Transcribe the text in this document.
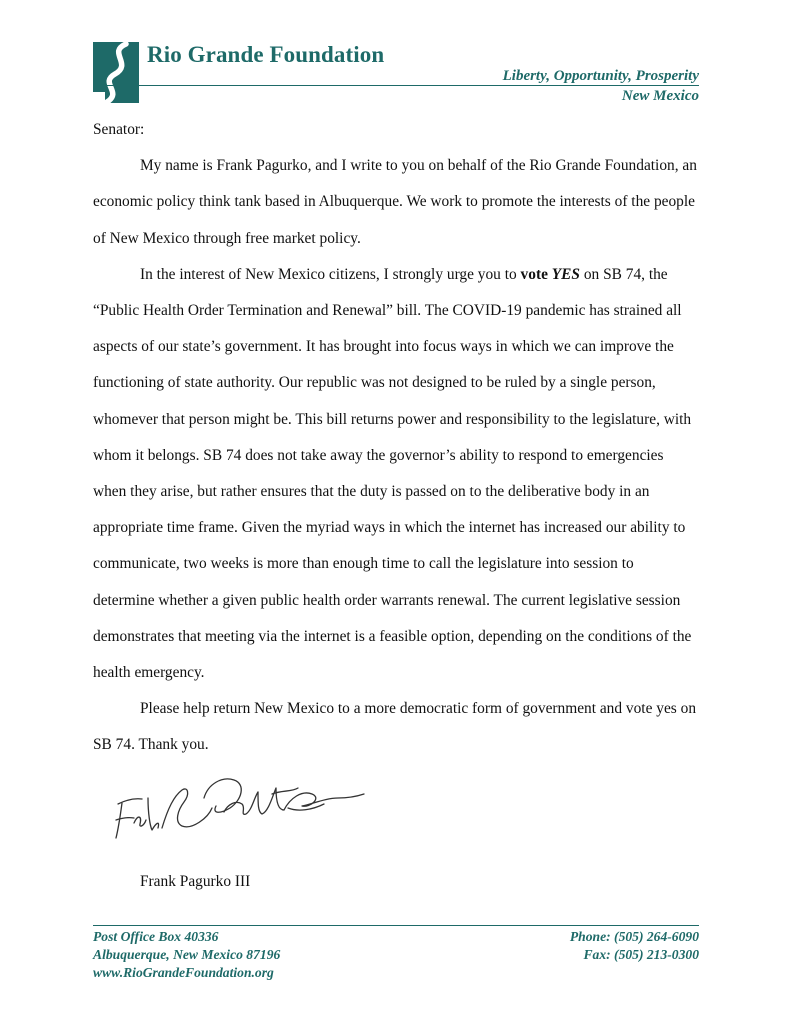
Rio Grande Foundation
Liberty, Opportunity, Prosperity
New Mexico

Senator:

My name is Frank Pagurko, and I write to you on behalf of the Rio Grande Foundation, an economic policy think tank based in Albuquerque. We work to promote the interests of the people of New Mexico through free market policy.

In the interest of New Mexico citizens, I strongly urge you to vote YES on SB 74, the “Public Health Order Termination and Renewal” bill. The COVID-19 pandemic has strained all aspects of our state’s government. It has brought into focus ways in which we can improve the functioning of state authority. Our republic was not designed to be ruled by a single person, whomever that person might be. This bill returns power and responsibility to the legislature, with whom it belongs. SB 74 does not take away the governor’s ability to respond to emergencies when they arise, but rather ensures that the duty is passed on to the deliberative body in an appropriate time frame. Given the myriad ways in which the internet has increased our ability to communicate, two weeks is more than enough time to call the legislature into session to determine whether a given public health order warrants renewal. The current legislative session demonstrates that meeting via the internet is a feasible option, depending on the conditions of the health emergency.

Please help return New Mexico to a more democratic form of government and vote yes on SB 74. Thank you.

Frank Pagurko III
Post Office Box 40336
Albuquerque, New Mexico 87196
www.RioGrandeFoundation.org
Phone: (505) 264-6090
Fax: (505) 213-0300
